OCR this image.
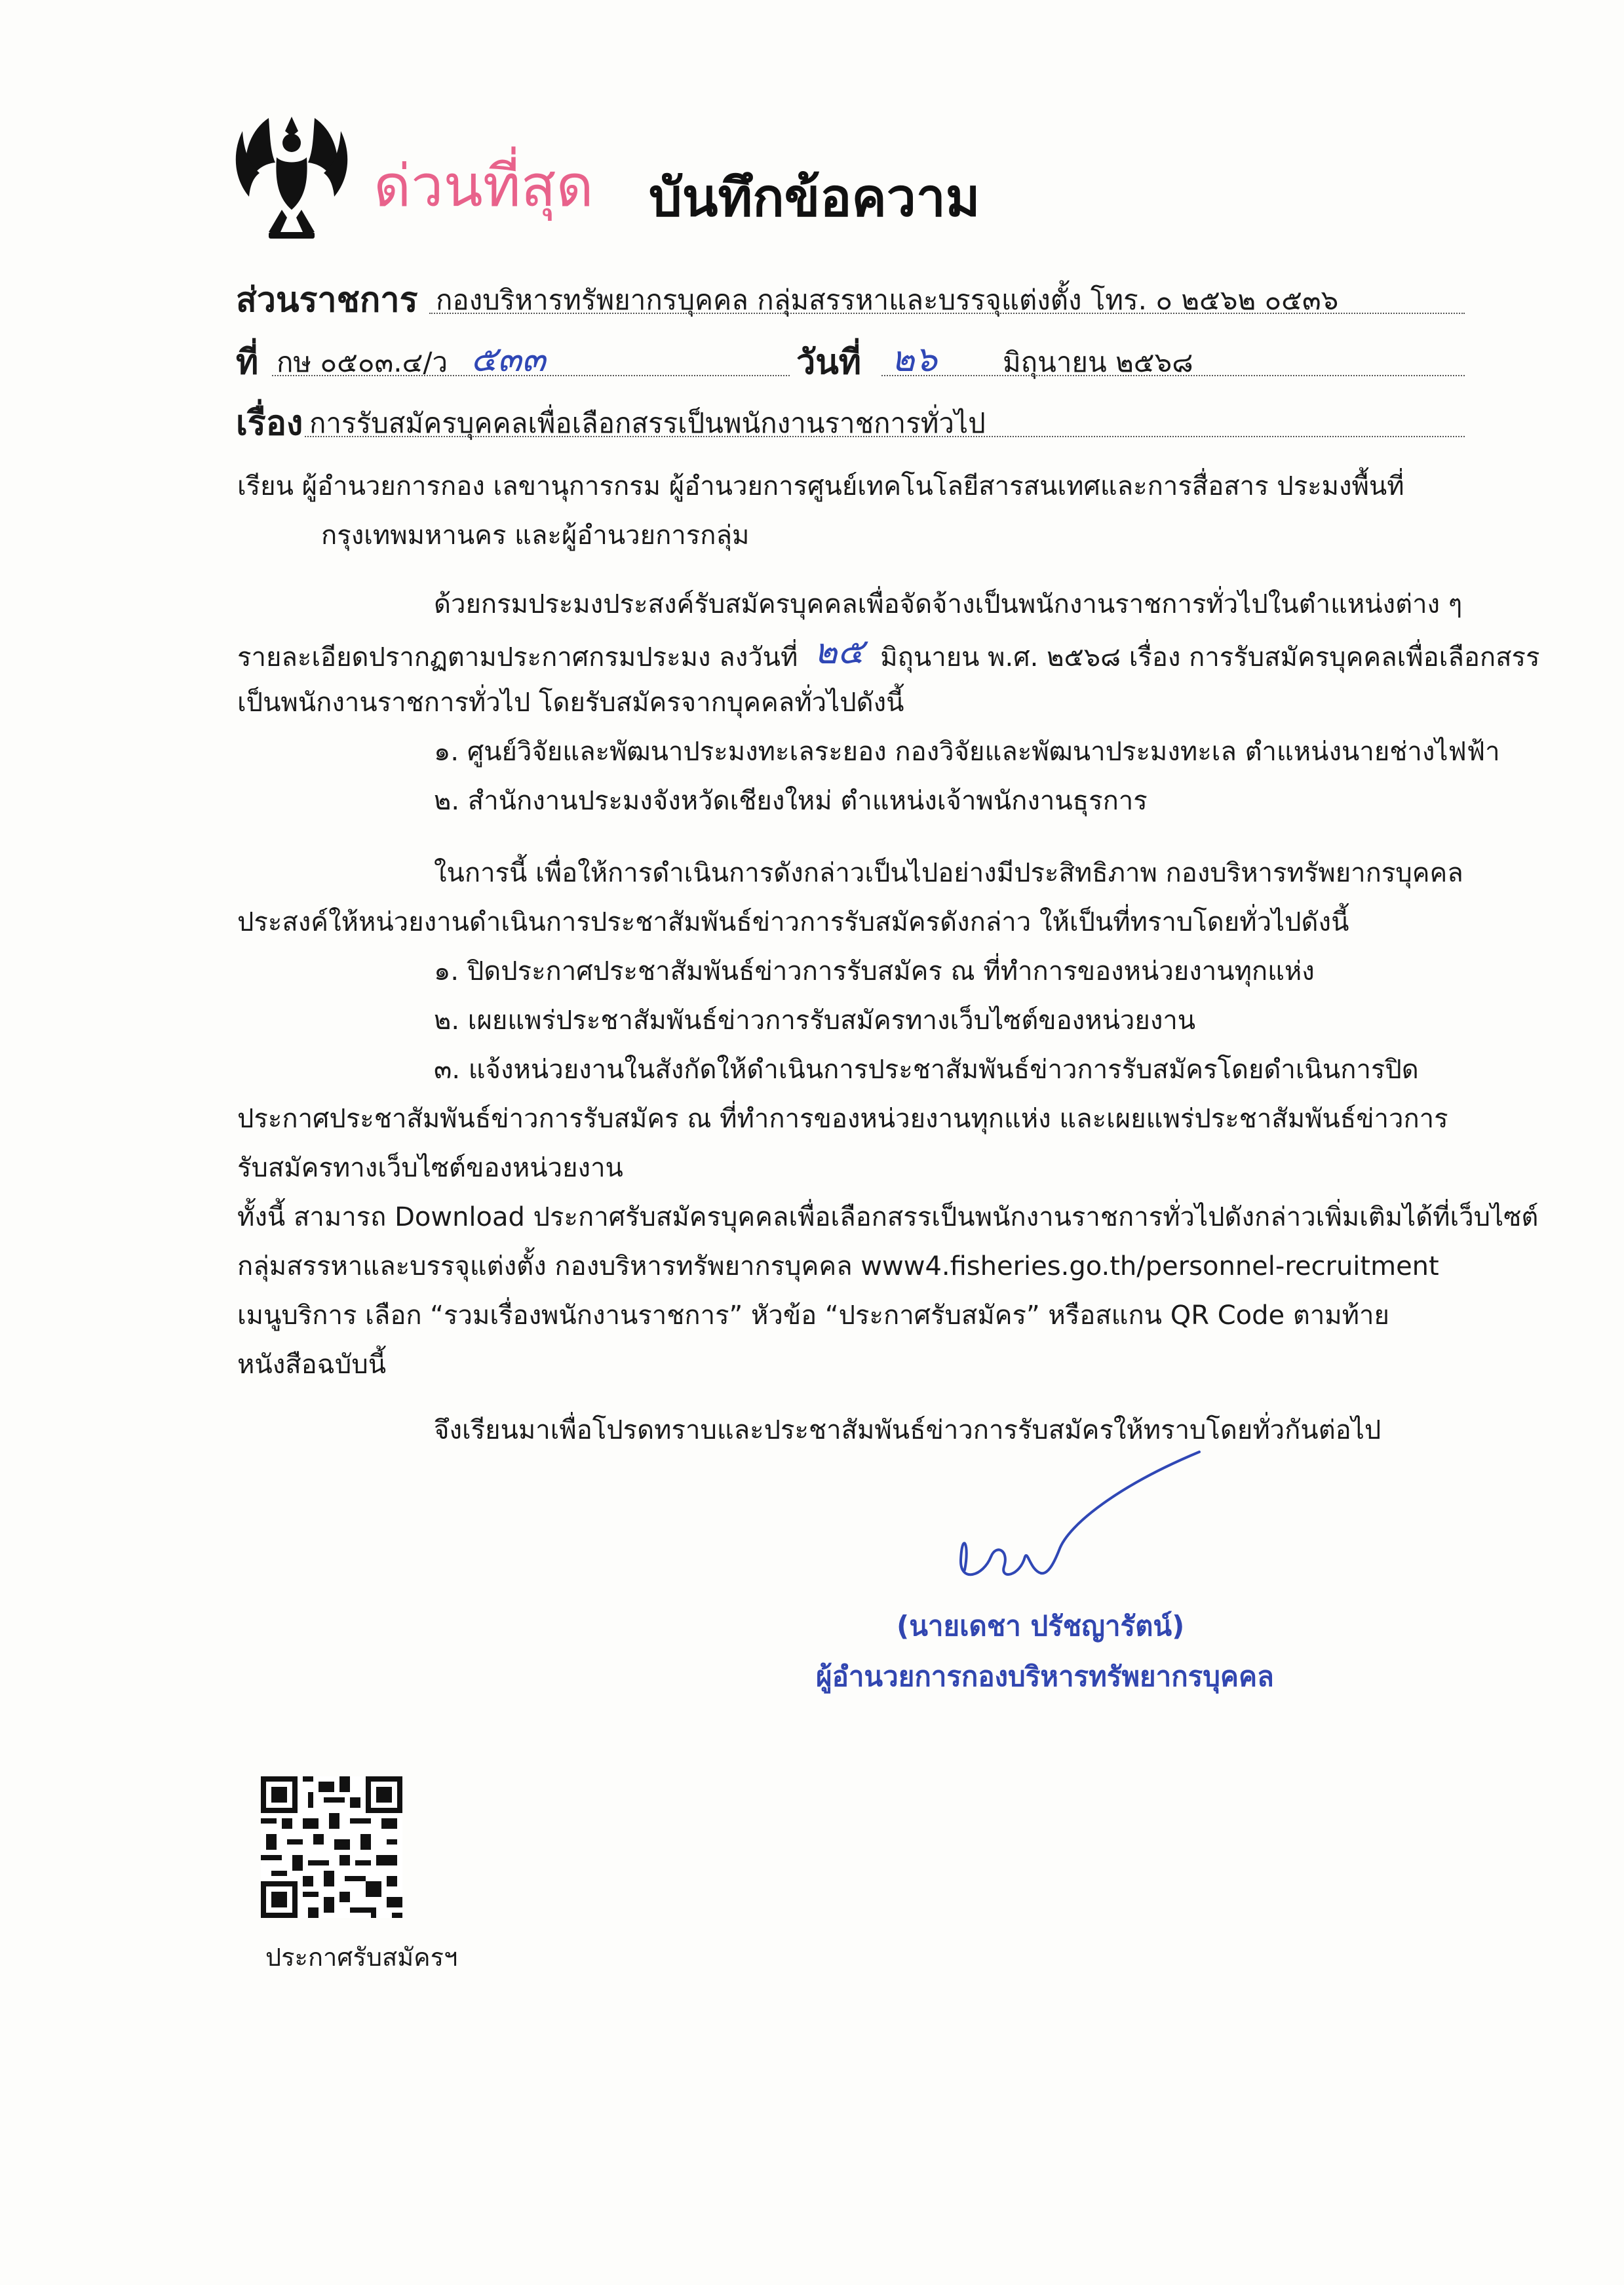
ด่วนที่สุด บันทึกข้อความ
ส่วนราชการ กองบริหารทรัพยากรบุคคล กลุ่มสรรหาและบรรจุแต่งตั้ง โทร. ๐ ๒๕๖๒ ๐๕๓๖
ที่ กษ ๐๕๐๓.๔/ว ๕๓๓	วันที่ ๒๖ มิถุนายน ๒๕๖๘
เรื่อง การรับสมัครบุคคลเพื่อเลือกสรรเป็นพนักงานราชการทั่วไป
เรียน ผู้อำนวยการกอง เลขานุการกรม ผู้อำนวยการศูนย์เทคโนโลยีสารสนเทศและการสื่อสาร ประมงพื้นที่
กรุงเทพมหานคร และผู้อำนวยการกลุ่ม
ด้วยกรมประมงประสงค์รับสมัครบุคคลเพื่อจัดจ้างเป็นพนักงานราชการทั่วไปในตำแหน่งต่าง ๆ
รายละเอียดปรากฏตามประกาศกรมประมง ลงวันที่ ๒๕ มิถุนายน พ.ศ. ๒๕๖๘ เรื่อง การรับสมัครบุคคลเพื่อเลือกสรร
เป็นพนักงานราชการทั่วไป โดยรับสมัครจากบุคคลทั่วไปดังนี้
๑. ศูนย์วิจัยและพัฒนาประมงทะเลระยอง กองวิจัยและพัฒนาประมงทะเล ตำแหน่งนายช่างไฟฟ้า
๒. สำนักงานประมงจังหวัดเชียงใหม่ ตำแหน่งเจ้าพนักงานธุรการ
ในการนี้ เพื่อให้การดำเนินการดังกล่าวเป็นไปอย่างมีประสิทธิภาพ กองบริหารทรัพยากรบุคคล
ประสงค์ให้หน่วยงานดำเนินการประชาสัมพันธ์ข่าวการรับสมัครดังกล่าว ให้เป็นที่ทราบโดยทั่วไปดังนี้
๑. ปิดประกาศประชาสัมพันธ์ข่าวการรับสมัคร ณ ที่ทำการของหน่วยงานทุกแห่ง
๒. เผยแพร่ประชาสัมพันธ์ข่าวการรับสมัครทางเว็บไซต์ของหน่วยงาน
๓. แจ้งหน่วยงานในสังกัดให้ดำเนินการประชาสัมพันธ์ข่าวการรับสมัครโดยดำเนินการปิด
ประกาศประชาสัมพันธ์ข่าวการรับสมัคร ณ ที่ทำการของหน่วยงานทุกแห่ง และเผยแพร่ประชาสัมพันธ์ข่าวการ
รับสมัครทางเว็บไซต์ของหน่วยงาน
ทั้งนี้ สามารถ Download ประกาศรับสมัครบุคคลเพื่อเลือกสรรเป็นพนักงานราชการทั่วไปดังกล่าวเพิ่มเติมได้ที่เว็บไซต์
กลุ่มสรรหาและบรรจุแต่งตั้ง กองบริหารทรัพยากรบุคคล www4.fisheries.go.th/personnel-recruitment
เมนูบริการ เลือก “รวมเรื่องพนักงานราชการ” หัวข้อ “ประกาศรับสมัคร” หรือสแกน QR Code ตามท้าย
หนังสือฉบับนี้
จึงเรียนมาเพื่อโปรดทราบและประชาสัมพันธ์ข่าวการรับสมัครให้ทราบโดยทั่วกันต่อไป
(นายเดชา ปรัชญารัตน์)
ผู้อำนวยการกองบริหารทรัพยากรบุคคล
ประกาศรับสมัครฯ
